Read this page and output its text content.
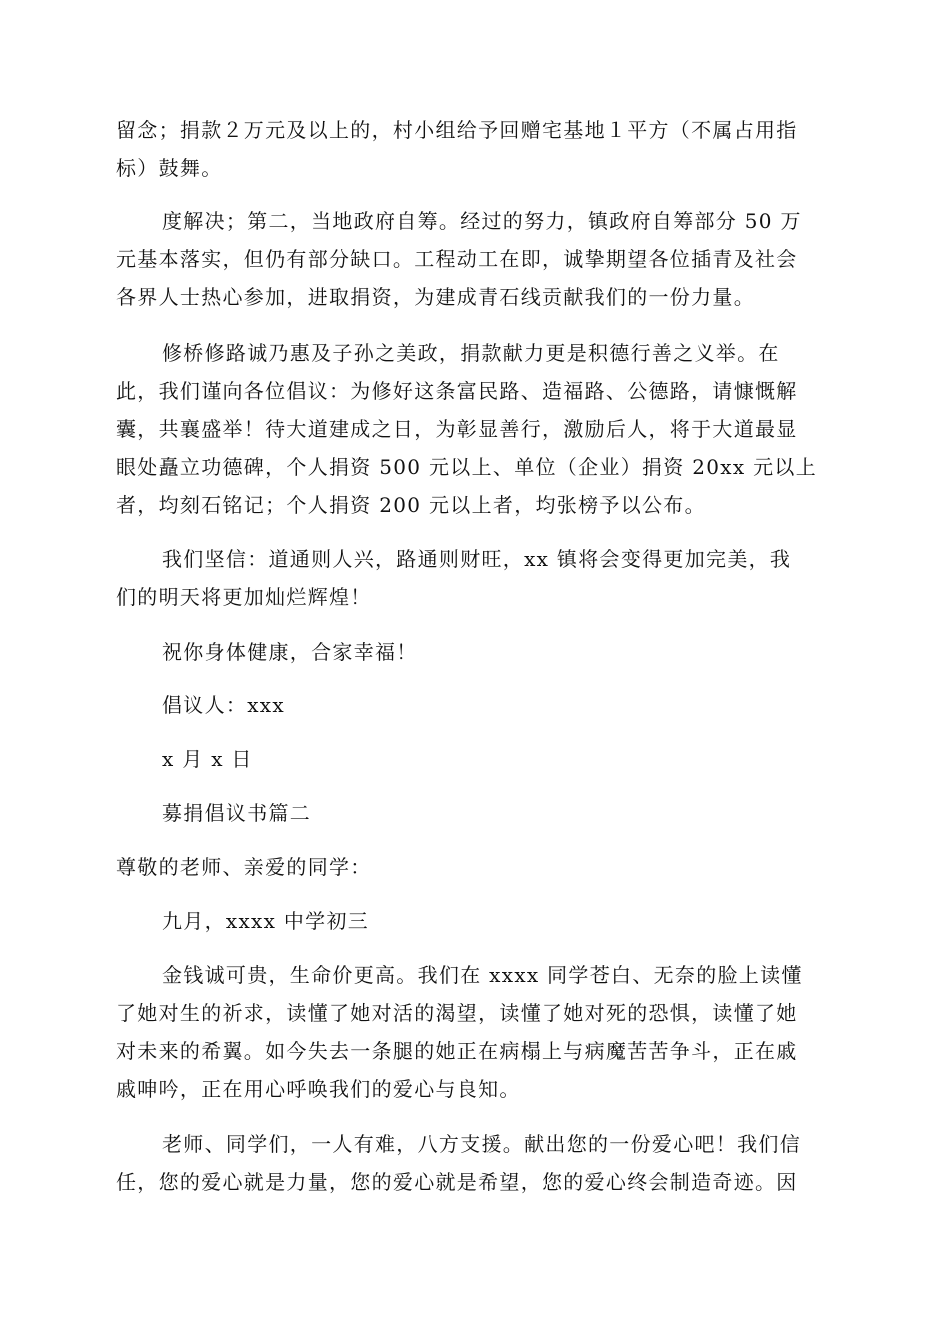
留念；捐款２万元及以上的，村小组给予回赠宅基地１平方（不属占用指
标）鼓舞。
度解决；第二，当地政府自筹。经过的努力，镇政府自筹部分 50 万
元基本落实，但仍有部分缺口。工程动工在即，诚挚期望各位插青及社会
各界人士热心参加，进取捐资，为建成青石线贡献我们的一份力量。
修桥修路诚乃惠及子孙之美政，捐款献力更是积德行善之义举。在
此，我们谨向各位倡议：为修好这条富民路、造福路、公德路，请慷慨解
囊，共襄盛举！待大道建成之日，为彰显善行，激励后人，将于大道最显
眼处矗立功德碑，个人捐资 500 元以上、单位（企业）捐资 20xx 元以上
者，均刻石铭记；个人捐资 200 元以上者，均张榜予以公布。
我们坚信：道通则人兴，路通则财旺，xx 镇将会变得更加完美，我
们的明天将更加灿烂辉煌！
祝你身体健康，合家幸福！
倡议人：xxx
x 月 x 日
募捐倡议书篇二
尊敬的老师、亲爱的同学：
九月，xxxx 中学初三
金钱诚可贵，生命价更高。我们在 xxxx 同学苍白、无奈的脸上读懂
了她对生的祈求，读懂了她对活的渴望，读懂了她对死的恐惧，读懂了她
对未来的希翼。如今失去一条腿的她正在病榻上与病魔苦苦争斗，正在戚
戚呻吟，正在用心呼唤我们的爱心与良知。
老师、同学们，一人有难，八方支援。献出您的一份爱心吧！我们信
任，您的爱心就是力量，您的爱心就是希望，您的爱心终会制造奇迹。因
